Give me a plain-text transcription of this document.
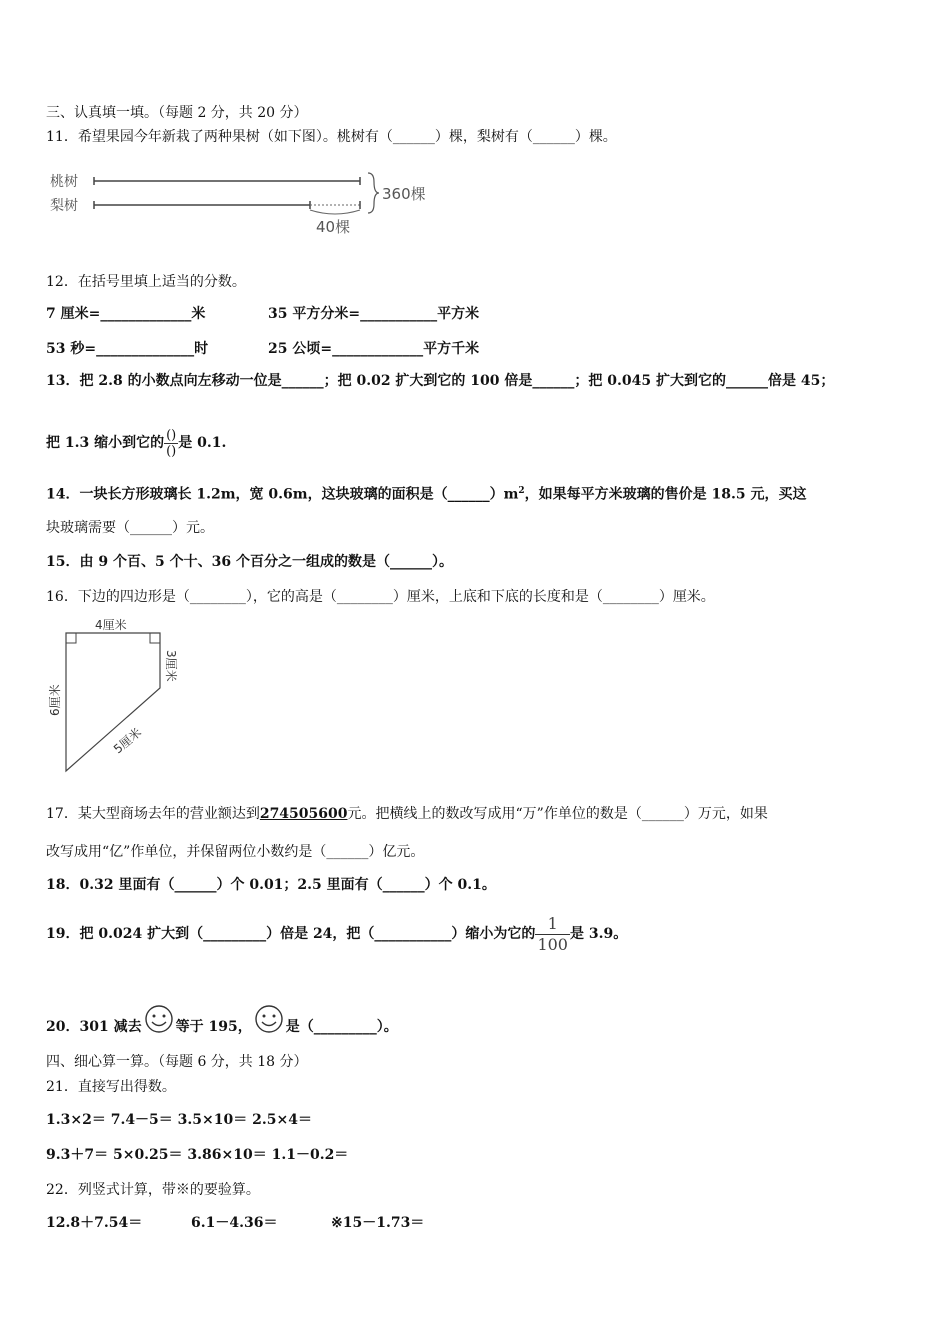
三、认真填一填。（每题 2 分，共 20 分）
11．希望果园今年新栽了两种果树（如下图）。桃树有（______）棵，梨树有（______）棵。
桃树
梨树
360棵
40棵
12．在括号里填上适当的分数。
7 厘米=_____________米	35 平方分米=___________平方米
53 秒=______________时	25 公顷=_____________平方千米
13．把 2.8 的小数点向左移动一位是______；把 0.02 扩大到它的 100 倍是______；把 0.045 扩大到它的______倍是 45；
把 1.3 缩小到它的 $\frac{()}{()}$ 是 0.1.
14．一块长方形玻璃长 1.2m，宽 0.6m，这块玻璃的面积是$(\_\_\_\_\_\_)m^2$，如果每平方米玻璃的售价是 18.5 元，买这
块玻璃需要（______）元。
15．由 9 个百、5 个十、36 个百分之一组成的数是（______）。
16．下边的四边形是（________），它的高是（________）厘米，上底和下底的长度和是（________）厘米。
4厘米
3厘米
6厘米
5厘米
17．某大型商场去年的营业额达到274505600元。把横线上的数改写成用“万”作单位的数是（______）万元，如果
改写成用“亿”作单位，并保留两位小数约是（______）亿元。
18．0.32 里面有（______）个 0.01；2.5 里面有（______）个 0.1。
19．把 0.024 扩大到（_________）倍是 24，把（___________）缩小为它的 $\frac{1}{100}$ 是 3.9。
20．301 减去 等于 195， 是（_________）。
四、细心算一算。（每题 6 分，共 18 分）
21．直接写出得数。
1.3×2＝ 7.4－5＝ 3.5×10＝ 2.5×4＝
9.3＋7＝ 5×0.25＝ 3.86×10＝ 1.1－0.2＝
22．列竖式计算，带※的要验算。
12.8＋7.54＝	6.1－4.36＝	※15－1.73＝
